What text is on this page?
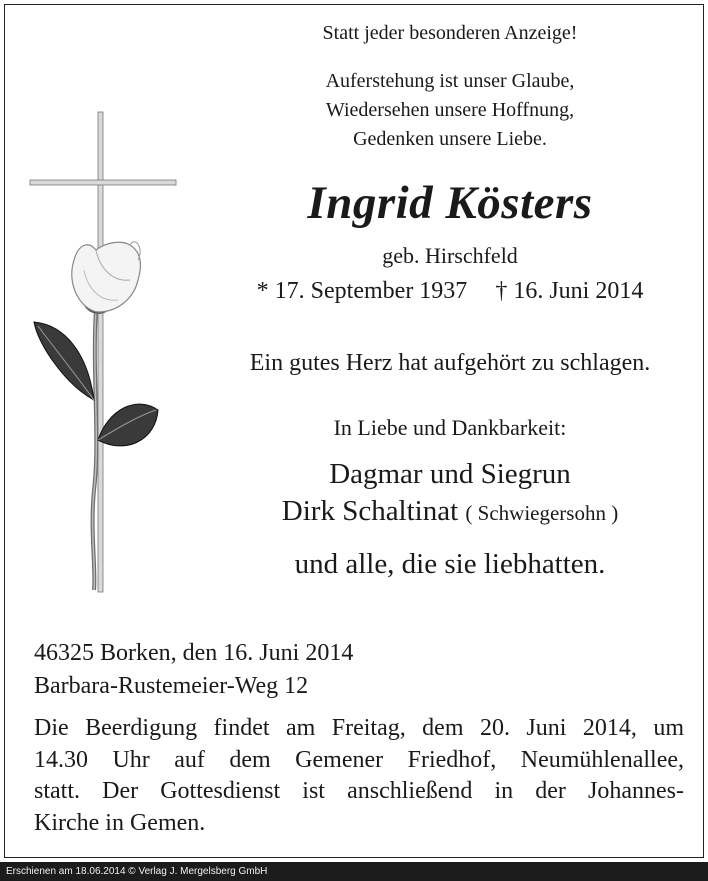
Statt jeder besonderen Anzeige!
Auferstehung ist unser Glaube,
Wiedersehen unsere Hoffnung,
Gedenken unsere Liebe.
Ingrid Kösters
geb. Hirschfeld
* 17. September 1937 † 16. Juni 2014
Ein gutes Herz hat aufgehört zu schlagen.
In Liebe und Dankbarkeit:
Dagmar und Siegrun
Dirk Schaltinat ( Schwiegersohn )
und alle, die sie liebhatten.
46325 Borken, den 16. Juni 2014
Barbara-Rustemeier-Weg 12
Die Beerdigung findet am Freitag, dem 20. Juni 2014, um
14.30 Uhr auf dem Gemener Friedhof, Neumühlenallee,
statt. Der Gottesdienst ist anschließend in der Johannes-
Kirche in Gemen.
Erschienen am 18.06.2014 © Verlag J. Mergelsberg GmbH
